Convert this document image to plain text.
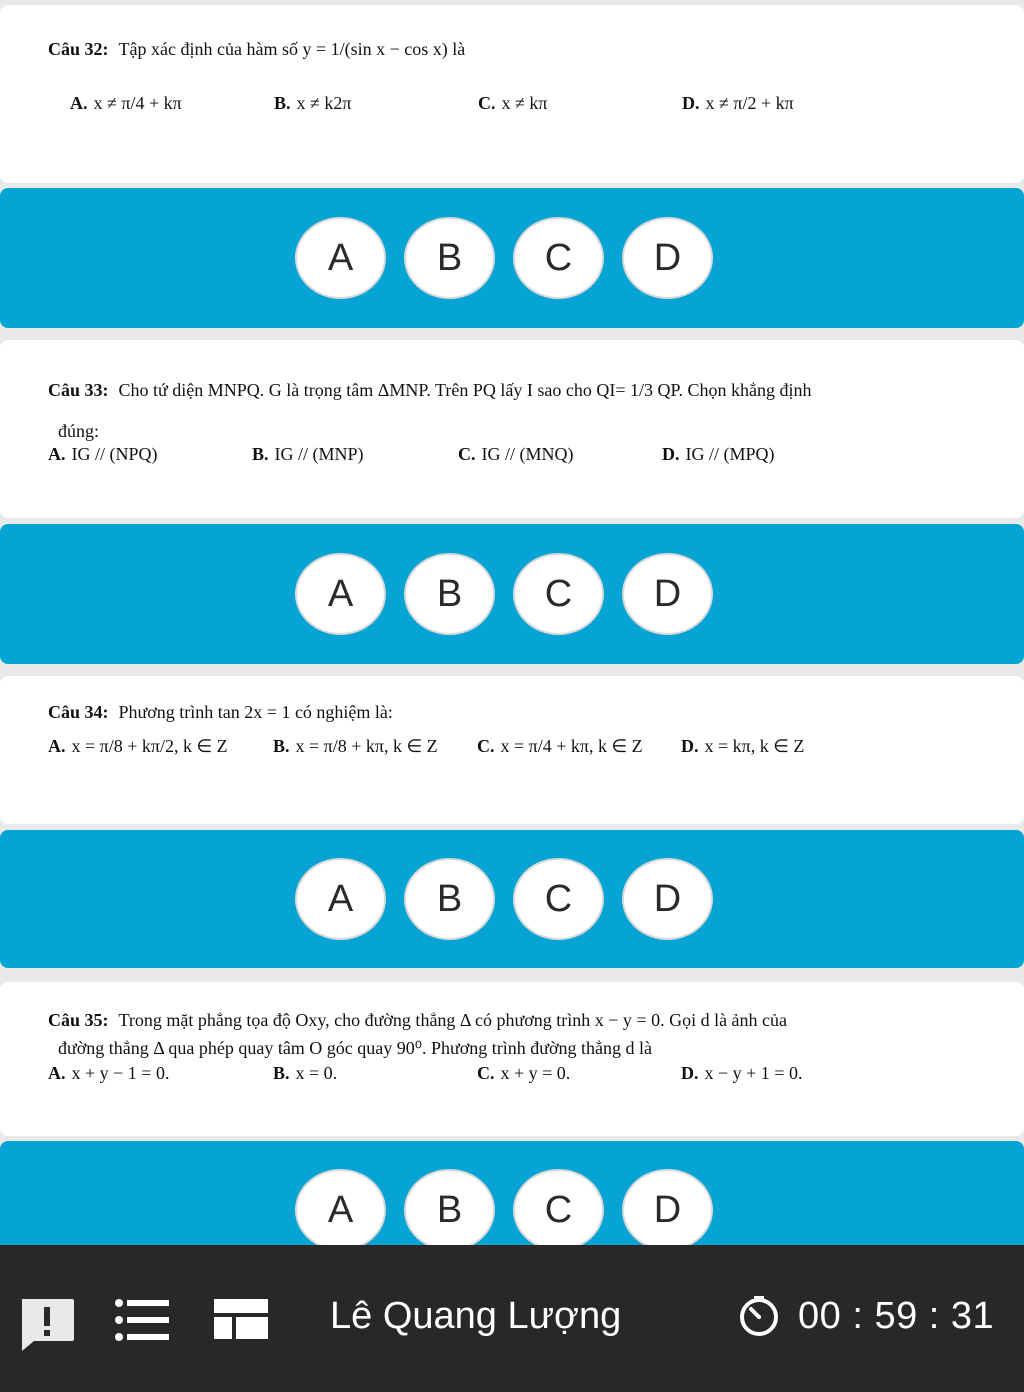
Câu 32: Tập xác định của hàm số y = 1/(sin x − cos x) là
A. x ≠ π/4 + kπ	B. x ≠ k2π	C. x ≠ kπ	D. x ≠ π/2 + kπ
A	B	C	D
Câu 33: Cho tứ diện MNPQ. G là trọng tâm ΔMNP. Trên PQ lấy I sao cho QI= 1/3 QP. Chọn khẳng định
đúng:
A. IG // (NPQ)	B. IG // (MNP)	C. IG // (MNQ)	D. IG // (MPQ)
A	B	C	D
Câu 34: Phương trình tan 2x = 1 có nghiệm là:
A. x = π/8 + kπ/2, k ∈ Z	B. x = π/8 + kπ, k ∈ Z	C. x = π/4 + kπ, k ∈ Z	D. x = kπ, k ∈ Z
A	B	C	D
Câu 35: Trong mặt phẳng tọa độ Oxy, cho đường thẳng Δ có phương trình x − y = 0. Gọi d là ảnh của
đường thẳng Δ qua phép quay tâm O góc quay 90⁰. Phương trình đường thẳng d là
A. x + y − 1 = 0.	B. x = 0.	C. x + y = 0.	D. x − y + 1 = 0.
A	B	C	D
Lê Quang Lượng	00 : 59 : 31
